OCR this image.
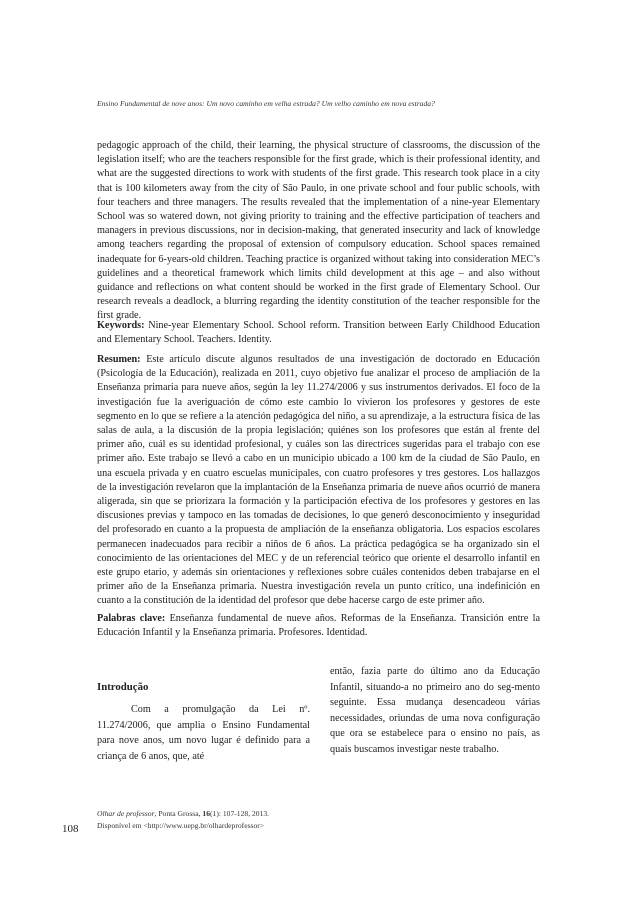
Ensino Fundamental de nove anos: Um novo caminho em velha estrada? Um velho caminho em nova estrada?

pedagogic approach of the child, their learning, the physical structure of classrooms, the discussion of the legislation itself; who are the teachers responsible for the first grade, which is their professional identity, and what are the suggested directions to work with students of the first grade. This research took place in a city that is 100 kilometers away from the city of São Paulo, in one private school and four public schools, with four teachers and three managers. The results revealed that the implementation of a nine-year Elementary School was so watered down, not giving priority to training and the effective participation of teachers and managers in previous discussions, nor in decision-making, that generated insecurity and lack of knowledge among teachers regarding the proposal of extension of compulsory education. School spaces remained inadequate for 6-years-old children. Teaching practice is organized without taking into consideration MEC’s guidelines and a theoretical framework which limits child development at this age – and also without guidance and reflections on what content should be worked in the first grade of Elementary School. Our research reveals a deadlock, a blurring regarding the identity constitution of the teacher responsible for the first grade.

Keywords: Nine-year Elementary School. School reform. Transition between Early Childhood Education and Elementary School. Teachers. Identity.

Resumen: Este artículo discute algunos resultados de una investigación de doctorado en Educación (Psicología de la Educación), realizada en 2011, cuyo objetivo fue analizar el proceso de ampliación de la Enseñanza primaria para nueve años, según la ley 11.274/2006 y sus instrumentos derivados. El foco de la investigación fue la averiguación de cómo este cambio lo vivieron los profesores y gestores de este segmento en lo que se refiere a la atención pedagógica del niño, a su aprendizaje, a la estructura física de las salas de aula, a la discusión de la propia legislación; quiénes son los profesores que están al frente del primer año, cuál es su identidad profesional, y cuáles son las directrices sugeridas para el trabajo con ese primer año. Este trabajo se llevó a cabo en un municipio ubicado a 100 km de la ciudad de São Paulo, en una escuela privada y en cuatro escuelas municipales, con cuatro profesores y tres gestores. Los hallazgos de la investigación revelaron que la implantación de la Enseñanza primaria de nueve años ocurrió de manera aligerada, sin que se priorizara la formación y la participación efectiva de los profesores y gestores en las discusiones previas y tampoco en las tomadas de decisiones, lo que generó desconocimiento y inseguridad del profesorado en cuanto a la propuesta de ampliación de la enseñanza obligatoria. Los espacios escolares permanecen inadecuados para recibir a niños de 6 años. La práctica pedagógica se ha organizado sin el conocimiento de las orientaciones del MEC y de un referencial teórico que oriente el desarrollo infantil en este grupo etario, y además sin orientaciones y reflexiones sobre cuáles contenidos deben trabajarse en el primer año de la Enseñanza primaria. Nuestra investigación revela un punto crítico, una indefinición en cuanto a la constitución de la identidad del profesor que debe hacerse cargo de este primer año.

Palabras clave: Enseñanza fundamental de nueve años. Reformas de la Enseñanza. Transición entre la Educación Infantil y la Enseñanza primaria. Profesores. Identidad.

Introdução

Com a promulgação da Lei nº. 11.274/2006, que amplia o Ensino Fundamental para nove anos, um novo lugar é definido para a criança de 6 anos, que, até

então, fazia parte do último ano da Educação Infantil, situando-a no primeiro ano do seg-mento seguinte. Essa mudança desencadeou várias necessidades, oriundas de uma nova configuração que ora se estabelece para o ensino no país, as quais buscamos investigar neste trabalho.

108
Olhar de professor, Ponta Grossa, 16(1): 107-128, 2013.
Disponível em <http://www.uepg.br/olhardeprofessor>
